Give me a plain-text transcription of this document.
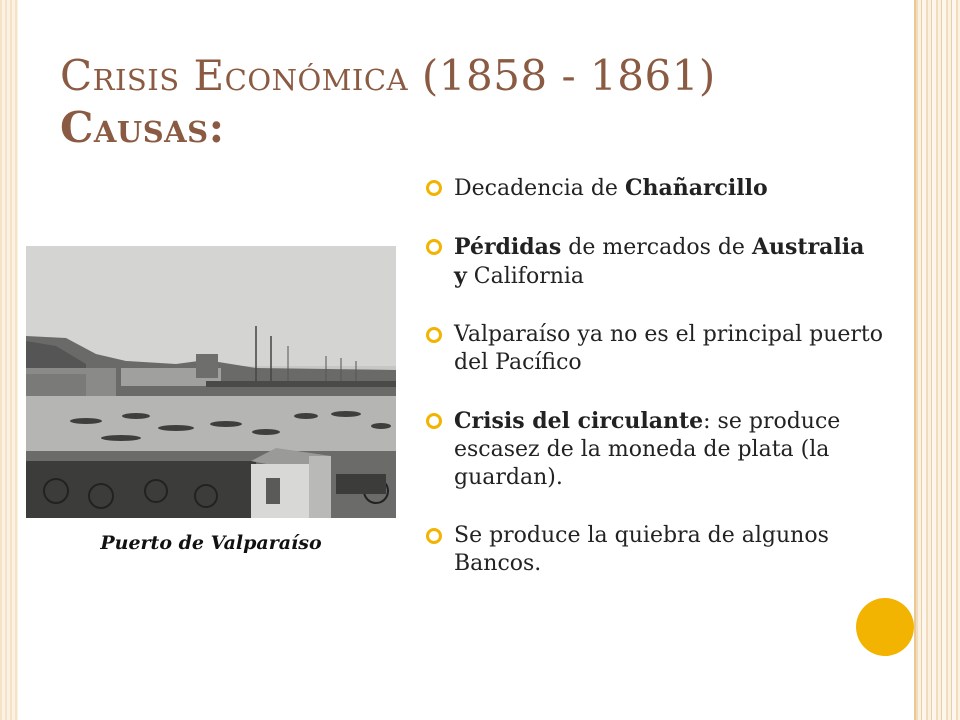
Crisis Económica (1858 - 1861)
Causas:
Puerto de Valparaíso
Decadencia de Chañarcillo
Pérdidas de mercados de Australia y California
Valparaíso ya no es el principal puerto del Pacífico
Crisis del circulante: se produce escasez de la moneda de plata (la guardan).
Se produce la quiebra de algunos Bancos.
